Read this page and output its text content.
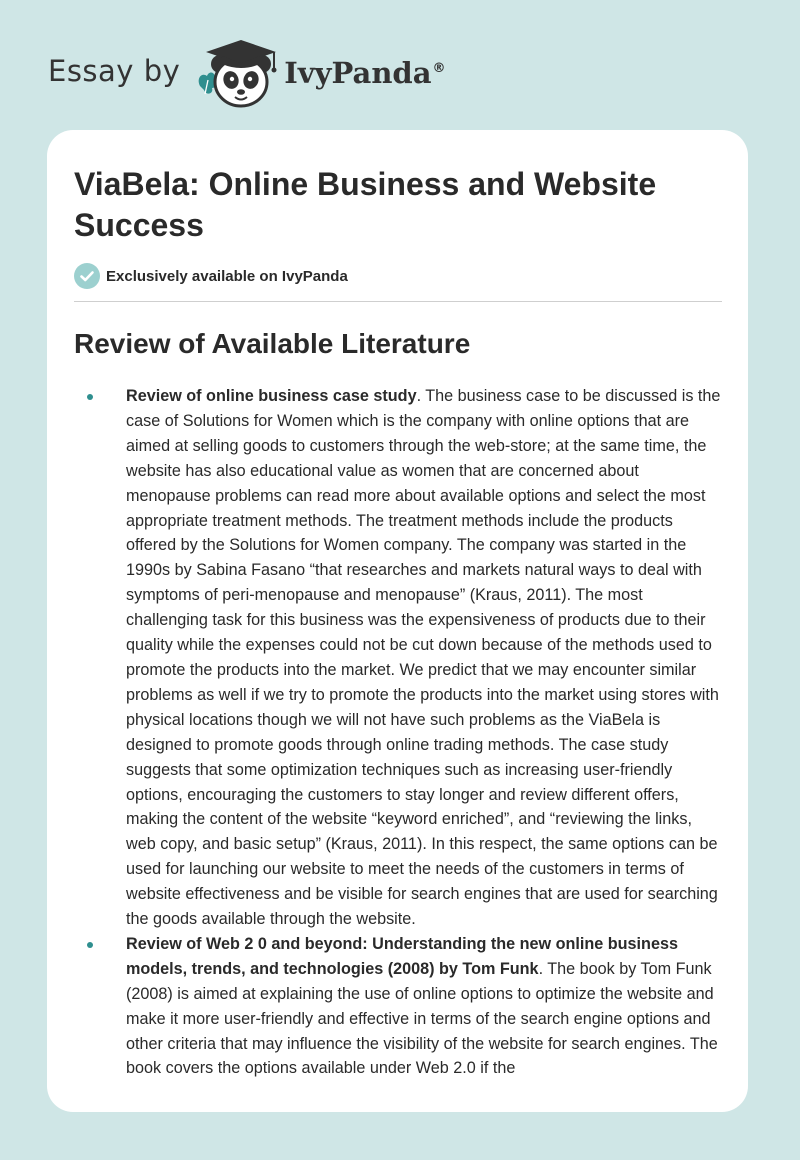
Essay by	IvyPanda®
ViaBela: Online Business and Website Success
Exclusively available on IvyPanda
Review of Available Literature
Review of online business case study. The business case to be discussed is the case of Solutions for Women which is the company with online options that are aimed at selling goods to customers through the web-store; at the same time, the website has also educational value as women that are concerned about menopause problems can read more about available options and select the most appropriate treatment methods. The treatment methods include the products offered by the Solutions for Women company. The company was started in the 1990s by Sabina Fasano “that researches and markets natural ways to deal with symptoms of peri-menopause and menopause” (Kraus, 2011). The most challenging task for this business was the expensiveness of products due to their quality while the expenses could not be cut down because of the methods used to promote the products into the market. We predict that we may encounter similar problems as well if we try to promote the products into the market using stores with physical locations though we will not have such problems as the ViaBela is designed to promote goods through online trading methods. The case study suggests that some optimization techniques such as increasing user-friendly options, encouraging the customers to stay longer and review different offers, making the content of the website “keyword enriched”, and “reviewing the links, web copy, and basic setup” (Kraus, 2011). In this respect, the same options can be used for launching our website to meet the needs of the customers in terms of website effectiveness and be visible for search engines that are used for searching the goods available through the website.
Review of Web 2 0 and beyond: Understanding the new online business models, trends, and technologies (2008) by Tom Funk. The book by Tom Funk (2008) is aimed at explaining the use of online options to optimize the website and make it more user-friendly and effective in terms of the search engine options and other criteria that may influence the visibility of the website for search engines. The book covers the options available under Web 2.0 if the
